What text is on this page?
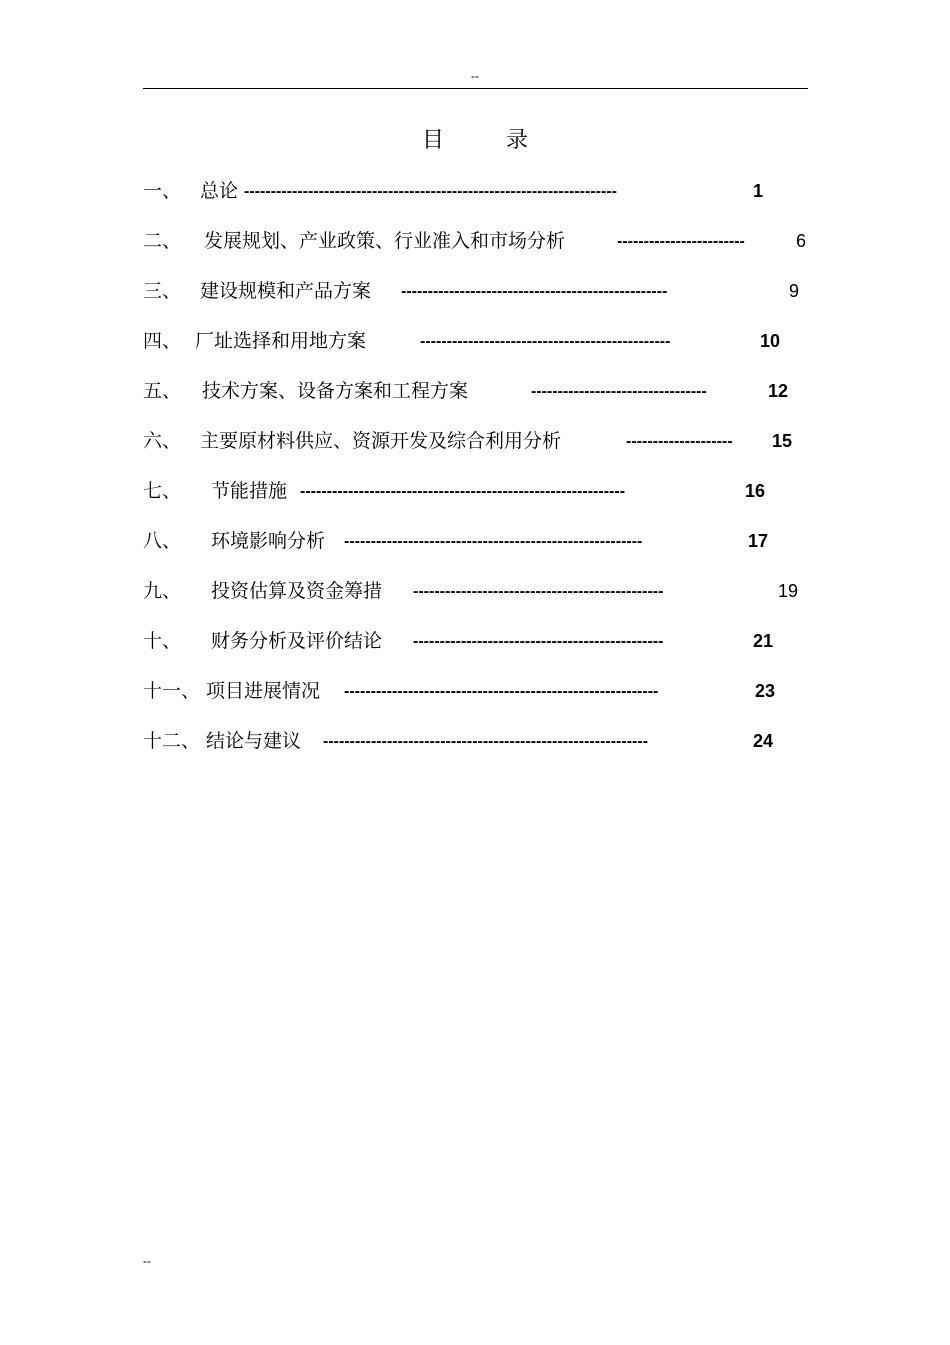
--
目录
一、 总论 ----------------------------------------------------------------------	1
二、 发展规划、产业政策、行业准入和市场分析	------------------------	6
三、 建设规模和产品方案 --------------------------------------------------	9
四、 厂址选择和用地方案	-----------------------------------------------	10
五、 技术方案、设备方案和工程方案	---------------------------------	12
六、 主要原材料供应、资源开发及综合利用分析	-------------------- 15
七、 节能措施 -------------------------------------------------------------	16
八、 环境影响分析 --------------------------------------------------------	17
九、 投资估算及资金筹措 -----------------------------------------------	19
十、 财务分析及评价结论 -----------------------------------------------	21
十一、 项目进展情况 -----------------------------------------------------------	23
十二、 结论与建议 -------------------------------------------------------------	24
--
